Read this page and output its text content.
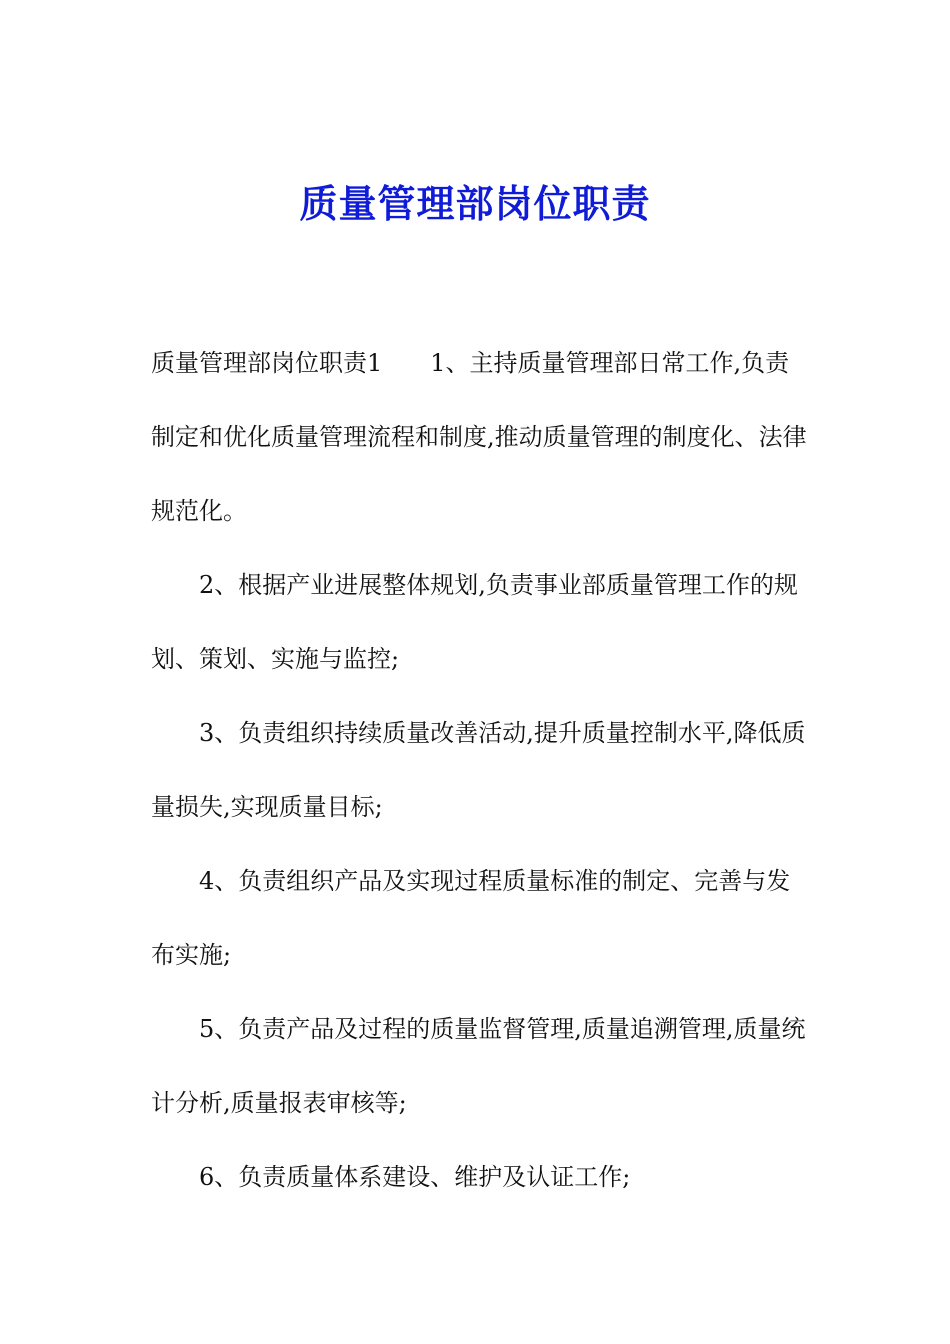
质量管理部岗位职责

质量管理部岗位职责1 1、主持质量管理部日常工作,负责制定和优化质量管理流程和制度,推动质量管理的制度化、法律规范化。

2、根据产业进展整体规划,负责事业部质量管理工作的规划、策划、实施与监控;

3、负责组织持续质量改善活动,提升质量控制水平,降低质量损失,实现质量目标;

4、负责组织产品及实现过程质量标准的制定、完善与发布实施;

5、负责产品及过程的质量监督管理,质量追溯管理,质量统计分析,质量报表审核等;

6、负责质量体系建设、维护及认证工作;
